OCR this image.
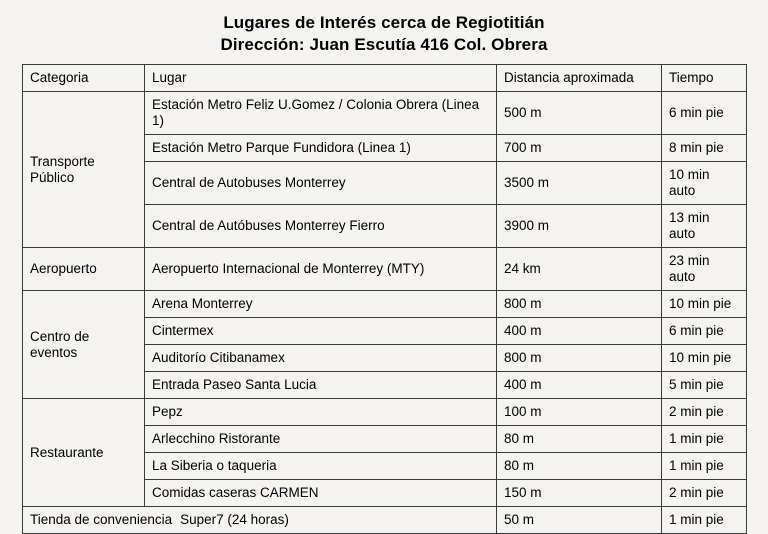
Lugares de Interés cerca de Regiotitián
Dirección: Juan Escutía 416 Col. Obrera
Categoria	Lugar	Distancia aproximada	Tiempo
Transporte Público	Estación Metro Feliz U.Gomez / Colonia Obrera (Linea 1)	500 m	6 min pie
	Estación Metro Parque Fundidora (Linea 1)	700 m	8 min pie
	Central de Autobuses Monterrey	3500 m	10 min auto
	Central de Autóbuses Monterrey Fierro	3900 m	13 min auto
Aeropuerto	Aeropuerto Internacional de Monterrey (MTY)	24 km	23 min auto
Centro de eventos	Arena Monterrey	800 m	10 min pie
	Cintermex	400 m	6 min pie
	Auditorío Citibanamex	800 m	10 min pie
	Entrada Paseo Santa Lucia	400 m	5 min pie
Restaurante	Pepz	100 m	2 min pie
	Arlecchino Ristorante	80 m	1 min pie
	La Siberia o taqueria	80 m	1 min pie
	Comidas caseras CARMEN	150 m	2 min pie
Tienda de conveniencia Super7 (24 horas)		50 m	1 min pie
